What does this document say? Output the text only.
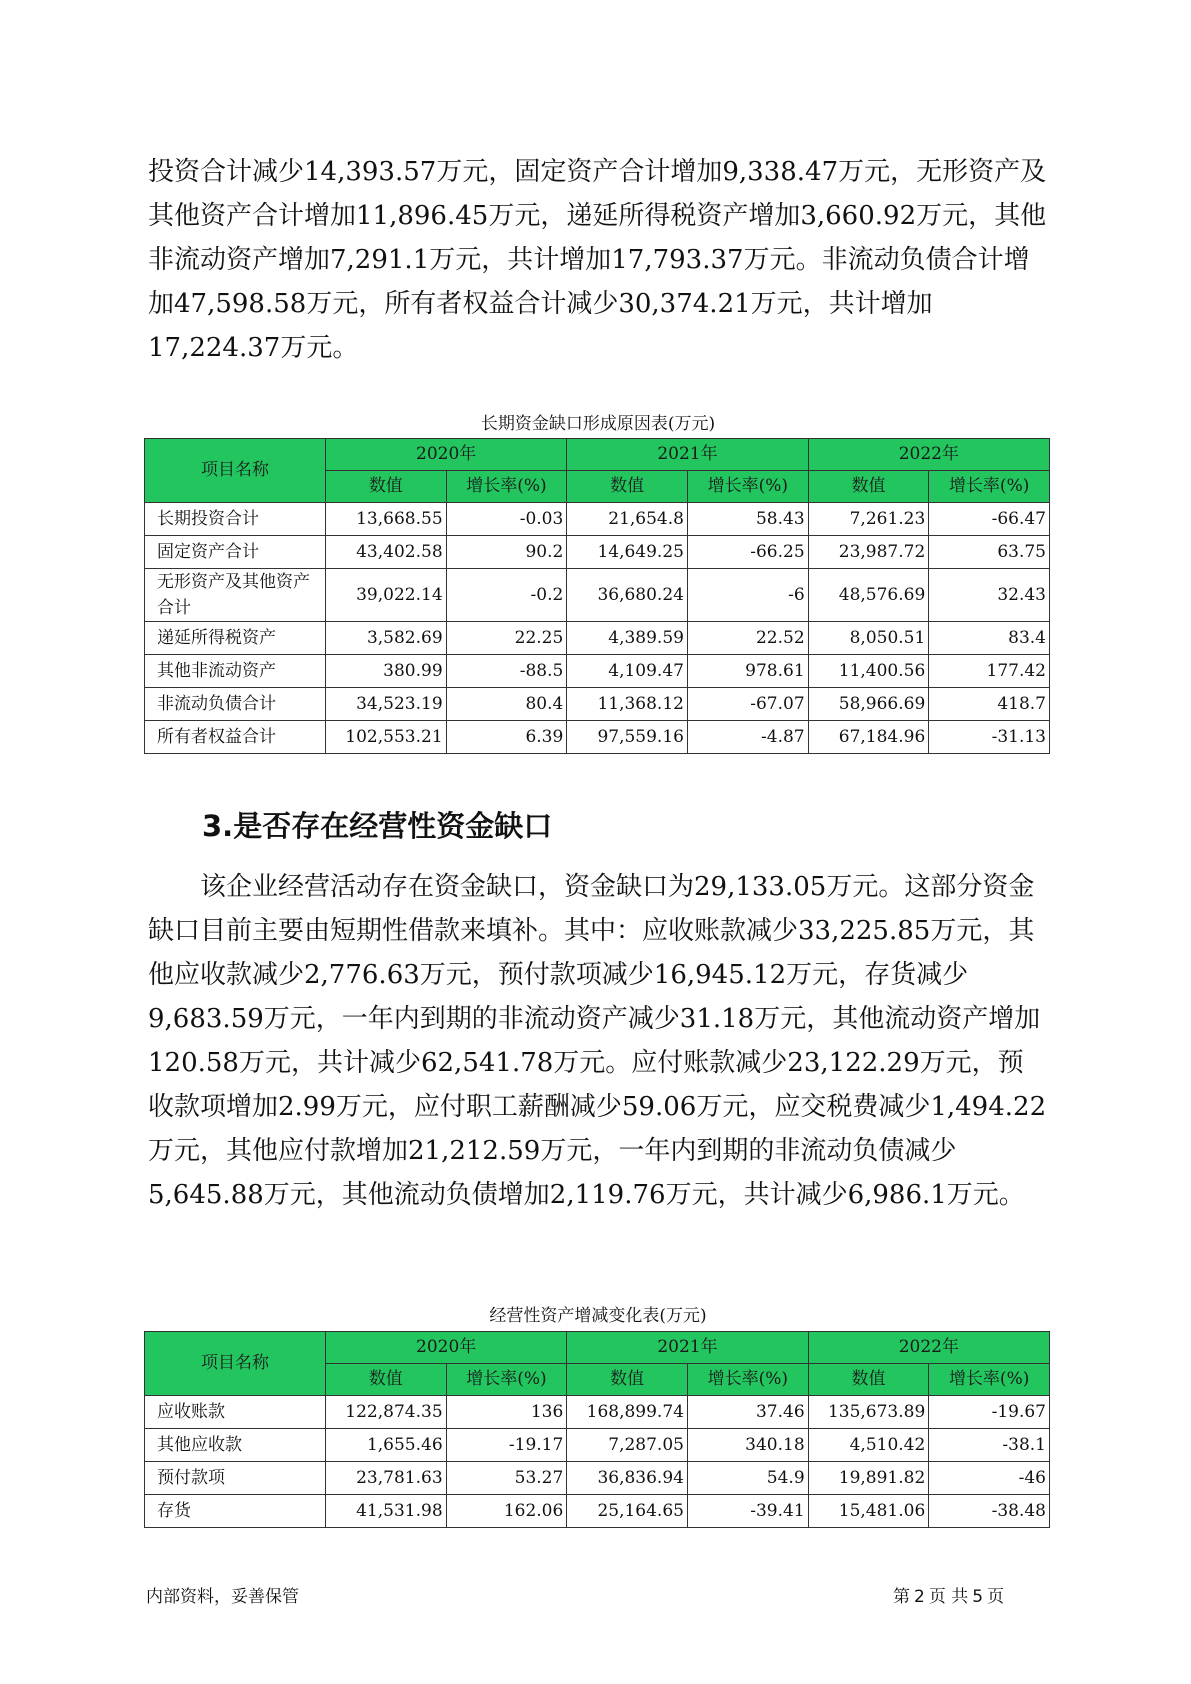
投资合计减少14,393.57万元，固定资产合计增加9,338.47万元，无形资产及其他资产合计增加11,896.45万元，递延所得税资产增加3,660.92万元，其他非流动资产增加7,291.1万元，共计增加17,793.37万元。非流动负债合计增加47,598.58万元，所有者权益合计减少30,374.21万元，共计增加17,224.37万元。

长期资金缺口形成原因表(万元)

项目名称	2020年		2021年		2022年	
	数值	增长率(%)	数值	增长率(%)	数值	增长率(%)
长期投资合计	13,668.55	-0.03	21,654.8	58.43	7,261.23	-66.47
固定资产合计	43,402.58	90.2	14,649.25	-66.25	23,987.72	63.75
无形资产及其他资产合计	39,022.14	-0.2	36,680.24	-6	48,576.69	32.43
递延所得税资产	3,582.69	22.25	4,389.59	22.52	8,050.51	83.4
其他非流动资产	380.99	-88.5	4,109.47	978.61	11,400.56	177.42
非流动负债合计	34,523.19	80.4	11,368.12	-67.07	58,966.69	418.7
所有者权益合计	102,553.21	6.39	97,559.16	-4.87	67,184.96	-31.13
3.是否存在经营性资金缺口

该企业经营活动存在资金缺口，资金缺口为29,133.05万元。这部分资金缺口目前主要由短期性借款来填补。其中：应收账款减少33,225.85万元，其他应收款减少2,776.63万元，预付款项减少16,945.12万元，存货减少9,683.59万元，一年内到期的非流动资产减少31.18万元，其他流动资产增加120.58万元，共计减少62,541.78万元。应付账款减少23,122.29万元，预收款项增加2.99万元，应付职工薪酬减少59.06万元，应交税费减少1,494.22万元，其他应付款增加21,212.59万元，一年内到期的非流动负债减少5,645.88万元，其他流动负债增加2,119.76万元，共计减少6,986.1万元。

经营性资产增减变化表(万元)

项目名称	2020年		2021年		2022年	
	数值	增长率(%)	数值	增长率(%)	数值	增长率(%)
应收账款	122,874.35	136	168,899.74	37.46	135,673.89	-19.67
其他应收款	1,655.46	-19.17	7,287.05	340.18	4,510.42	-38.1
预付款项	23,781.63	53.27	36,836.94	54.9	19,891.82	-46
存货	41,531.98	162.06	25,164.65	-39.41	15,481.06	-38.48

内部资料，妥善保管	第 2 页 共 5 页
